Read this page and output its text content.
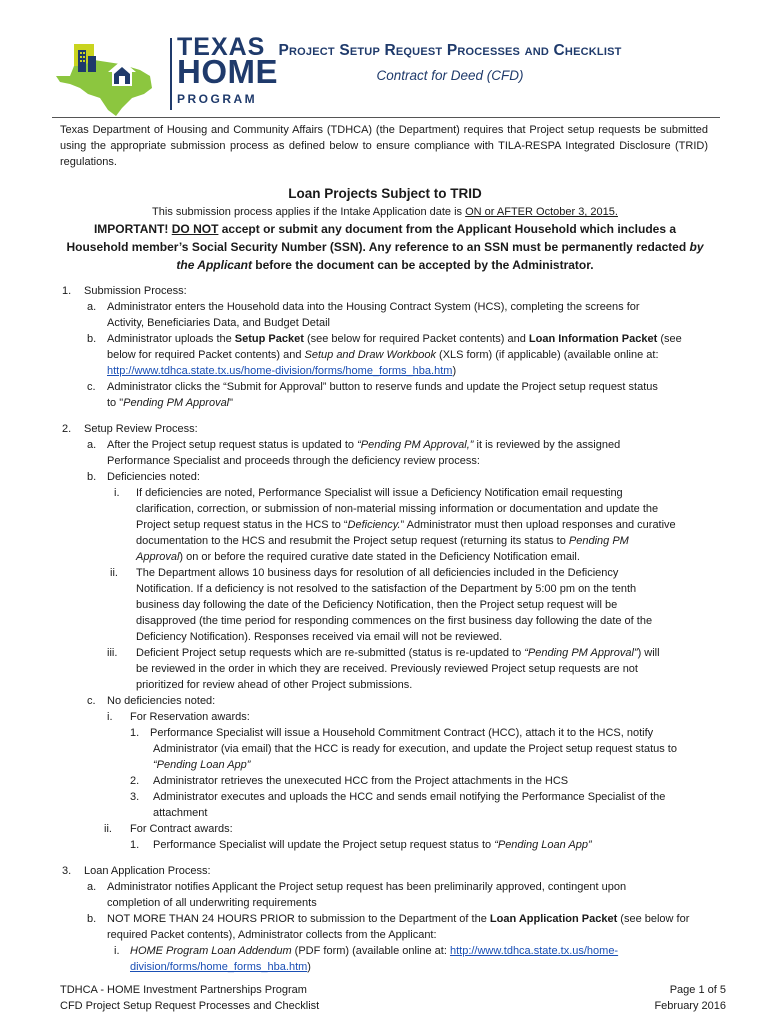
TEXAS
HOME
PROGRAM
Project Setup Request Processes and Checklist
Contract for Deed (CFD)
Texas Department of Housing and Community Affairs (TDHCA) (the Department) requires that Project setup requests be submitted using the appropriate submission process as defined below to ensure compliance with TILA-RESPA Integrated Disclosure (TRID) regulations.
Loan Projects Subject to TRID
This submission process applies if the Intake Application date is ON or AFTER October 3, 2015.
IMPORTANT! DO NOT accept or submit any document from the Applicant Household which includes a Household member’s Social Security Number (SSN). Any reference to an SSN must be permanently redacted by the Applicant before the document can be accepted by the Administrator.
1. Submission Process:

a. Administrator enters the Household data into the Housing Contract System (HCS), completing the screens for

Activity, Beneficiaries Data, and Budget Detail

b. Administrator uploads the Setup Packet (see below for required Packet contents) and Loan Information Packet (see

below for required Packet contents) and Setup and Draw Workbook (XLS form) (if applicable) (available online at:

http://www.tdhca.state.tx.us/home-division/forms/home_forms_hba.htm)

c. Administrator clicks the “Submit for Approval” button to reserve funds and update the Project setup request status

to "Pending PM Approval"

2. Setup Review Process:

a. After the Project setup request status is updated to “Pending PM Approval,” it is reviewed by the assigned

Performance Specialist and proceeds through the deficiency review process:

b. Deficiencies noted:

i. If deficiencies are noted, Performance Specialist will issue a Deficiency Notification email requesting

clarification, correction, or submission of non-material missing information or documentation and update the

Project setup request status in the HCS to “Deficiency.” Administrator must then upload responses and curative

documentation to the HCS and resubmit the Project setup request (returning its status to Pending PM

Approval) on or before the required curative date stated in the Deficiency Notification email.

ii. The Department allows 10 business days for resolution of all deficiencies included in the Deficiency

Notification. If a deficiency is not resolved to the satisfaction of the Department by 5:00 pm on the tenth

business day following the date of the Deficiency Notification, then the Project setup request will be

disapproved (the time period for responding commences on the first business day following the date of the

Deficiency Notification). Responses received via email will not be reviewed.

iii. Deficient Project setup requests which are re-submitted (status is re-updated to “Pending PM Approval”) will

be reviewed in the order in which they are received. Previously reviewed Project setup requests are not

prioritized for review ahead of other Project submissions.

c. No deficiencies noted:

i. For Reservation awards:

1. Performance Specialist will issue a Household Commitment Contract (HCC), attach it to the HCS, notify

Administrator (via email) that the HCC is ready for execution, and update the Project setup request status to

“Pending Loan App”

2. Administrator retrieves the unexecuted HCC from the Project attachments in the HCS

3. Administrator executes and uploads the HCC and sends email notifying the Performance Specialist of the

attachment

ii. For Contract awards:

1. Performance Specialist will update the Project setup request status to “Pending Loan App”

3. Loan Application Process:

a. Administrator notifies Applicant the Project setup request has been preliminarily approved, contingent upon

completion of all underwriting requirements

b. NOT MORE THAN 24 HOURS PRIOR to submission to the Department of the Loan Application Packet (see below for

required Packet contents), Administrator collects from the Applicant:

i. HOME Program Loan Addendum (PDF form) (available online at: http://www.tdhca.state.tx.us/home-

division/forms/home_forms_hba.htm)

TDHCA - HOME Investment Partnerships Program
CFD Project Setup Request Processes and Checklist
Page 1 of 5
February 2016
